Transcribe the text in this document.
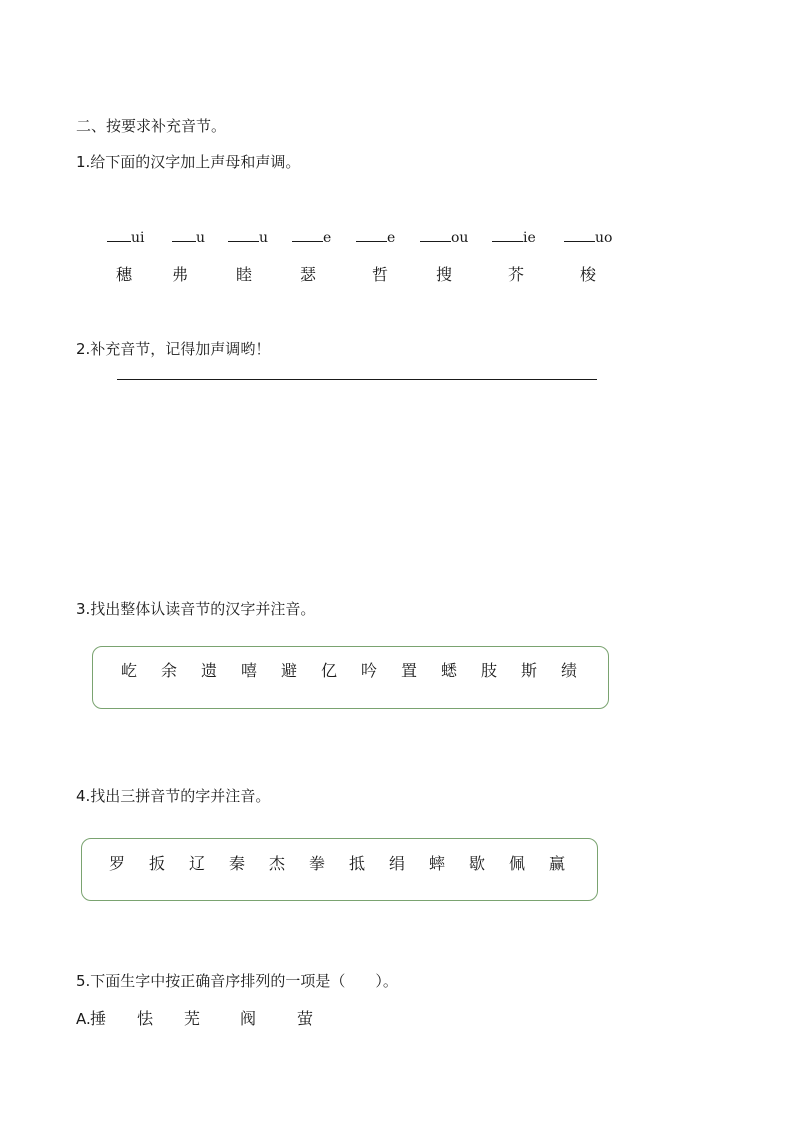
二、按要求补充音节。
1.给下面的汉字加上声母和声调。
ui	u	u	e	e	ou	ie	uo
穗 弗	睦	瑟	哲	搜	芥	梭
2.补充音节，记得加声调哟！
3.找出整体认读音节的汉字并注音。
屹 余 遗 嘻 避 亿 吟 置 蟋 肢 斯 绩
4.找出三拼音节的字并注音。
罗 扳 辽 秦 杰 拳 抵 绢 蟀 歇 佩 赢
5.下面生字中按正确音序排列的一项是（　　）。
A. 捶 怯 芜 阀	萤
